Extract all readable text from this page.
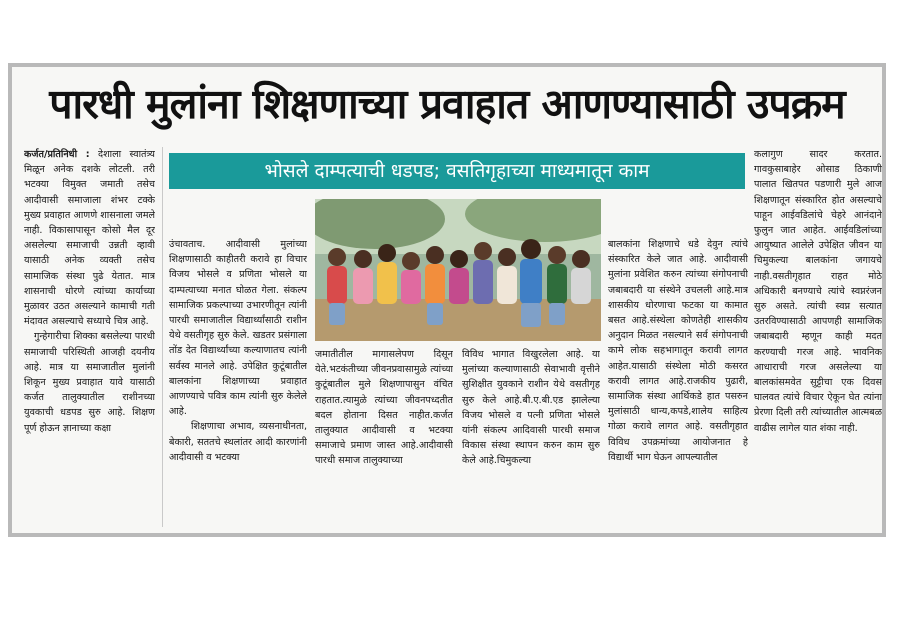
पारधी मुलांना शिक्षणाच्या प्रवाहात आणण्यासाठी उपक्रम

कर्जत/प्रतिनिधी : देशाला स्वातंत्र्य मिळून अनेक दशके लोटली. तरी भटक्या विमुक्त जमाती तसेच आदीवासी समाजाला शंभर टक्के मुख्य प्रवाहात आणणे शासनाला जमले नाही. विकासापासून कोसो मैल दूर असलेल्या समाजाची उन्नती व्हावी यासाठी अनेक व्यक्ती तसेच सामाजिक संस्था पुढे येतात. मात्र शासनाची धोरणे त्यांच्या कार्याच्या मुळावर उठत असल्याने कामाची गती मंदावत असल्याचे सध्याचे चित्र आहे.

गुन्हेगारीचा शिक्का बसलेल्या पारधी समाजाची परिस्थिती आजही दयनीय आहे. मात्र या समाजातील मुलांनी शिकून मुख्य प्रवाहात यावे यासाठी कर्जत तालुक्यातील राशीनच्या युवकाची धडपड सुरु आहे. शिक्षण पूर्ण होऊन ज्ञानाच्या कक्षा

भोसले दाम्पत्याची धडपड; वसतिगृहाच्या माध्यमातून काम

उंचावताच. आदीवासी मुलांच्या शिक्षणासाठी काहीतरी करावे हा विचार विजय भोसले व प्रणिता भोसले या दाम्पत्याच्या मनात घोळत गेला. संकल्प सामाजिक प्रकल्पाच्या उभारणीतून त्यांनी पारधी समाजातील विद्यार्थ्यांसाठी राशीन येथे वसतीगृह सुरु केले. खडतर प्रसंगाला तोंड देत विद्यार्थ्यांच्या कल्याणातच त्यांनी सर्वस्व मानले आहे. उपेक्षित कुटूंबातील बालकांना शिक्षणाच्या प्रवाहात आणण्याचे पवित्र काम त्यांनी सुरु केलेले आहे.

शिक्षणाचा अभाव, व्यसनाधीनता, बेकारी, सततचे स्थलांतर आदी कारणांनी आदीवासी व भटक्या

जमातीतील मागासलेपण दिसून येते.भटकंतीच्या जीवनप्रवासामुळे त्यांच्या कुटूंबातील मुले शिक्षणापासुन वंचित राहतात.त्यामुळे त्यांच्या जीवनपध्दतीत बदल होताना दिसत नाहीत.कर्जत तालुक्यात आदीवासी व भटक्या समाजाचे प्रमाण जास्त आहे.आदीवासी पारधी समाज तालुक्याच्या

विविध भागात विखुरलेला आहे. या मुलांच्या कल्याणासाठी सेवाभावी वृत्तीने सुशिक्षीत युवकाने राशीन येथे वसतीगृह सुरु केले आहे.बी.ए.बी.एड झालेल्या विजय भोसले व पत्नी प्रणिता भोसले यांनी संकल्प आदिवासी पारधी समाज विकास संस्था स्थापन करुन काम सुरु केले आहे.चिमुकल्या

बालकांना शिक्षणाचे धडे देवुन त्यांचे संस्कारित केले जात आहे. आदीवासी मुलांना प्रवेशित करुन त्यांच्या संगोपनाची जबाबदारी या संस्थेने उचलली आहे.मात्र शासकीय धोरणाचा फटका या कामात बसत आहे.संस्थेला कोणतेही शासकीय अनुदान मिळत नसल्याने सर्व संगोपनाची कामे लोक सहभागातून करावी लागत आहेत.यासाठी संस्थेला मोठी कसरत करावी लागत आहे.राजकीय पुढारी, सामाजिक संस्था आर्थिकडे हात पसरुन मुलांसाठी धान्य,कपडे,शालेय साहित्य गोळा करावे लागत आहे. वसतीगृहात विविध उपक्रमांच्या आयोजनात हे विद्यार्थी भाग घेऊन आपल्यातील

कलागुण सादर करतात. गावकुसाबाहेर ओसाड ठिकाणी पालात खितपत पडणारी मुले आज शिक्षणातून संस्कारित होत असल्याचे पाहून आईवडिलांचे चेहरे आनंदाने फुलुन जात आहेत. आईवडिलांच्या आयुष्यात आलेले उपेक्षित जीवन या चिमुकल्या बालकांना जगायचे नाही.वसतीगृहात राहत मोठे अधिकारी बनण्याचे त्यांचे स्वप्नरंजन सुरु असते. त्यांची स्वप्न सत्यात उतरविण्यासाठी आपणही सामाजिक जबाबदारी म्हणून काही मदत करण्याची गरज आहे. भावनिक आधाराची गरज असलेल्या या बालकांसमवेत सुट्टीचा एक दिवस घालवत त्यांचे विचार ऐकून घेत त्यांना प्रेरणा दिली तरी त्यांच्यातील आत्मबळ वाढीस लागेल यात शंका नाही.
